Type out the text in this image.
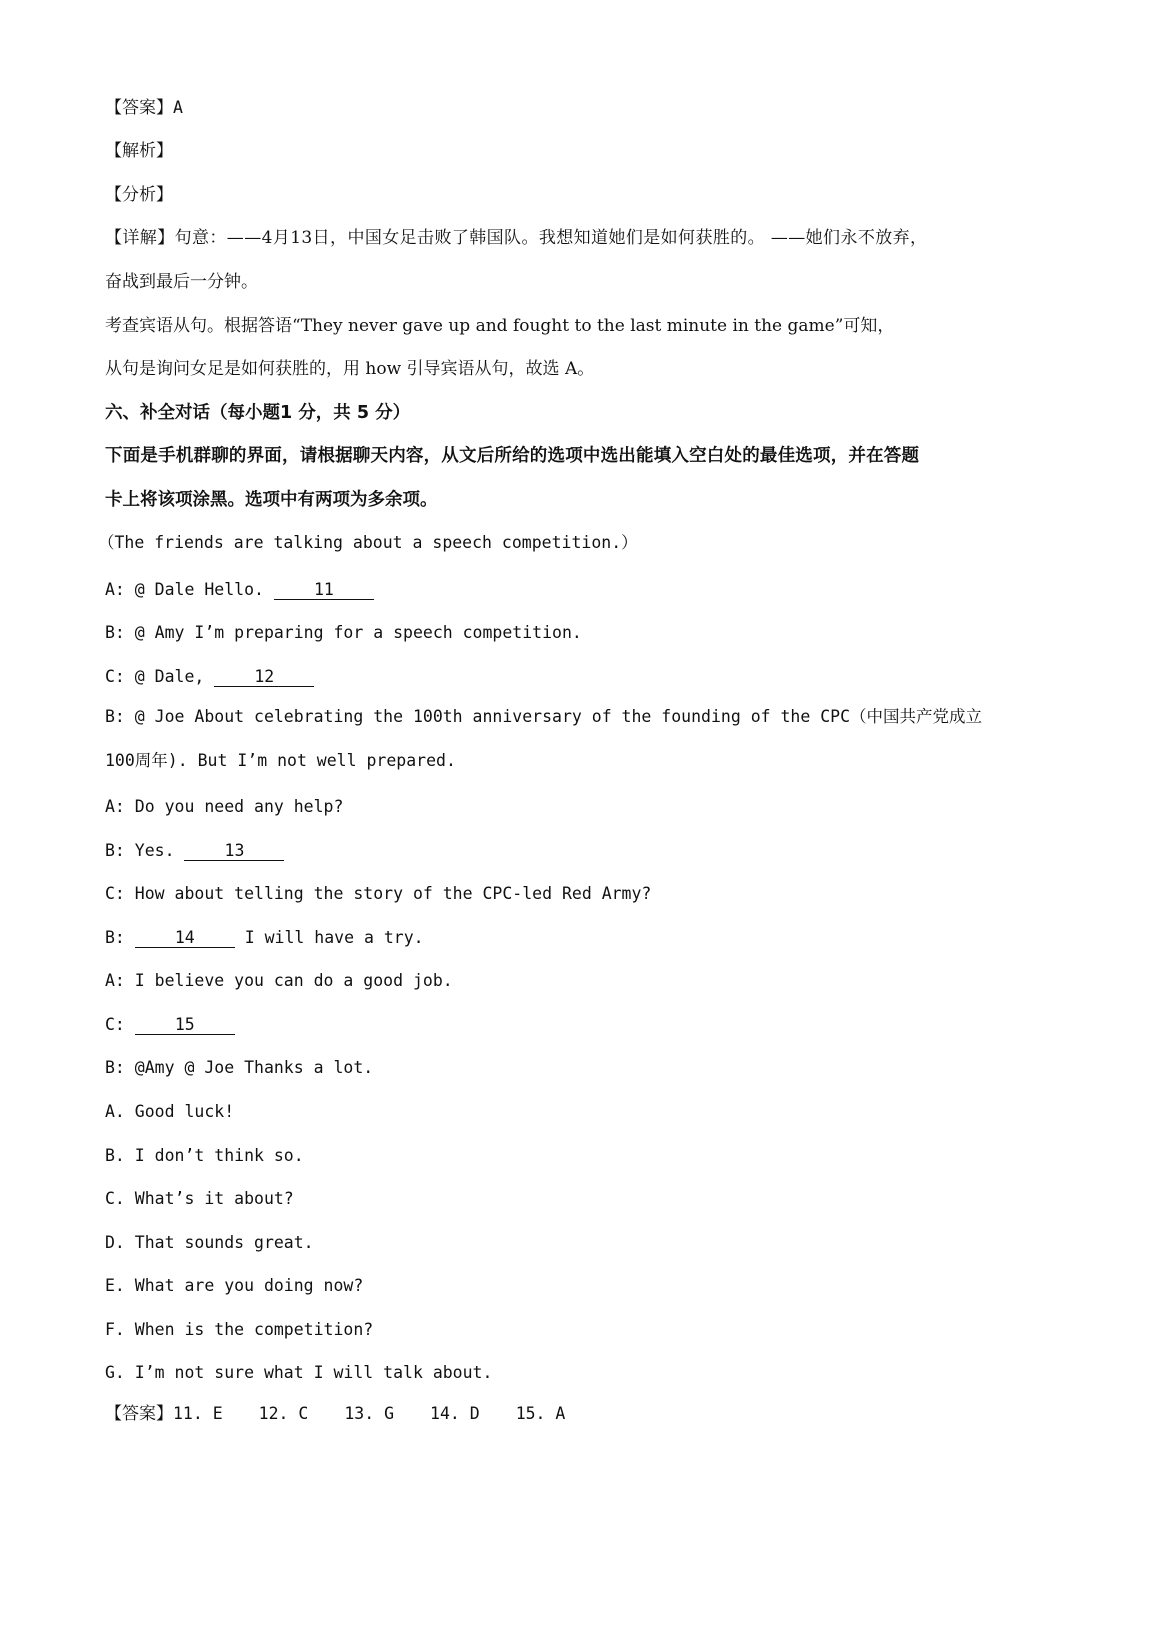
【答案】A
【解析】
【分析】
【详解】句意：——4月13日，中国女足击败了韩国队。我想知道她们是如何获胜的。 ——她们永不放弃，
奋战到最后一分钟。
考查宾语从句。根据答语“They never gave up and fought to the last minute in the game”可知，
从句是询问女足是如何获胜的，用 how 引导宾语从句，故选 A。
六、补全对话（每小题1 分，共 5 分）
下面是手机群聊的界面，请根据聊天内容，从文后所给的选项中选出能填入空白处的最佳选项，并在答题
卡上将该项涂黑。选项中有两项为多余项。
（The friends are talking about a speech competition.）
A: @ Dale Hello. 11
B: @ Amy I’m preparing for a speech competition.
C: @ Dale, 12
B: @ Joe About celebrating the 100th anniversary of the founding of the CPC（中国共产党成立
100周年). But I’m not well prepared.
A: Do you need any help?
B: Yes. 13
C: How about telling the story of the CPC-led Red Army?
B: 14 I will have a try.
A: I believe you can do a good job.
C: 15
B: @Amy @ Joe Thanks a lot.
A. Good luck!
B. I don’t think so.
C. What’s it about?
D. That sounds great.
E. What are you doing now?
F. When is the competition?
G. I’m not sure what I will talk about.
【答案】11. E 12. C 13. G 14. D 15. A
